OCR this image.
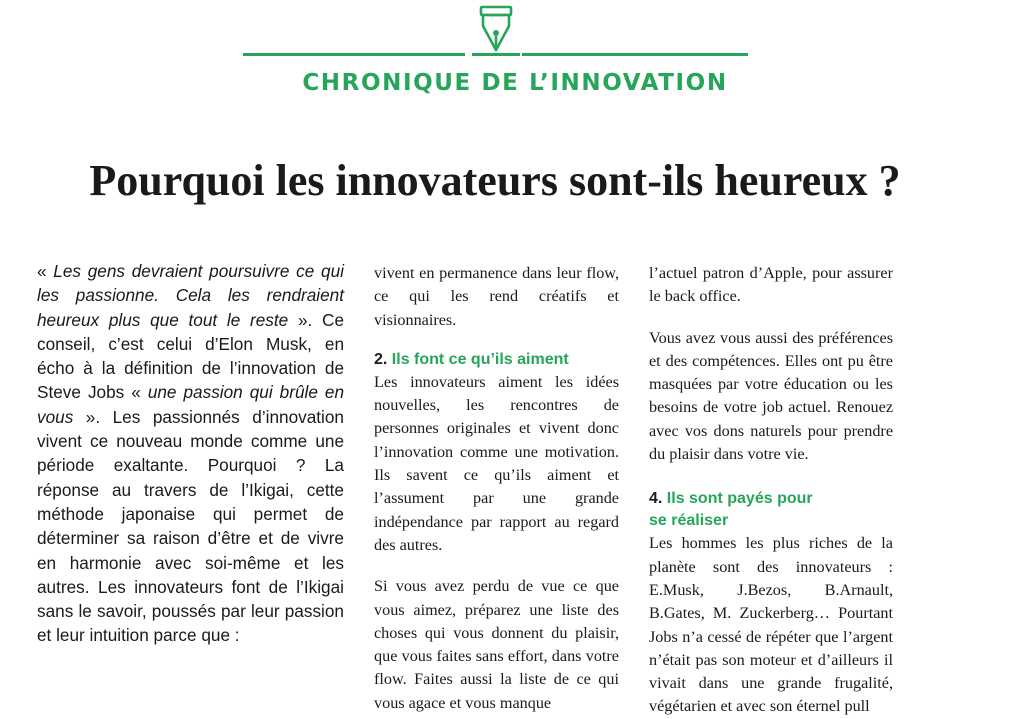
CHRONIQUE DE L’INNOVATION
Pourquoi les innovateurs sont-ils heureux ?

« Les gens devraient poursuivre ce qui les passionne. Cela les rendraient heureux plus que tout le reste ». Ce conseil, c’est celui d’Elon Musk, en écho à la définition de l’innovation de Steve Jobs « une passion qui brûle en vous ». Les passionnés d’innovation vivent ce nouveau monde comme une période exaltante. Pourquoi ? La réponse au travers de l’Ikigai, cette méthode japonaise qui permet de déterminer sa raison d’être et de vivre en harmonie avec soi-même et les autres. Les innovateurs font de l’Ikigai sans le savoir, poussés par leur passion et leur intuition parce que :

vivent en permanence dans leur flow, ce qui les rend créatifs et visionnaires.

2. Ils font ce qu’ils aiment

Les innovateurs aiment les idées nouvelles, les rencontres de personnes originales et vivent donc l’innovation comme une motivation. Ils savent ce qu’ils aiment et l’assument par une grande indépendance par rapport au regard des autres.

Si vous avez perdu de vue ce que vous aimez, préparez une liste des choses qui vous donnent du plaisir, que vous faites sans effort, dans votre flow. Faites aussi la liste de ce qui vous agace et vous manque

l’actuel patron d’Apple, pour assurer le back office.

Vous avez vous aussi des préférences et des compétences. Elles ont pu être masquées par votre éducation ou les besoins de votre job actuel. Renouez avec vos dons naturels pour prendre du plaisir dans votre vie.

4. Ils sont payés pour
se réaliser

Les hommes les plus riches de la planète sont des innovateurs : E.Musk, J.Bezos, B.Arnault, B.Gates, M. Zuckerberg… Pourtant Jobs n’a cessé de répéter que l’argent n’était pas son moteur et d’ailleurs il vivait dans une grande frugalité, végétarien et avec son éternel pull
